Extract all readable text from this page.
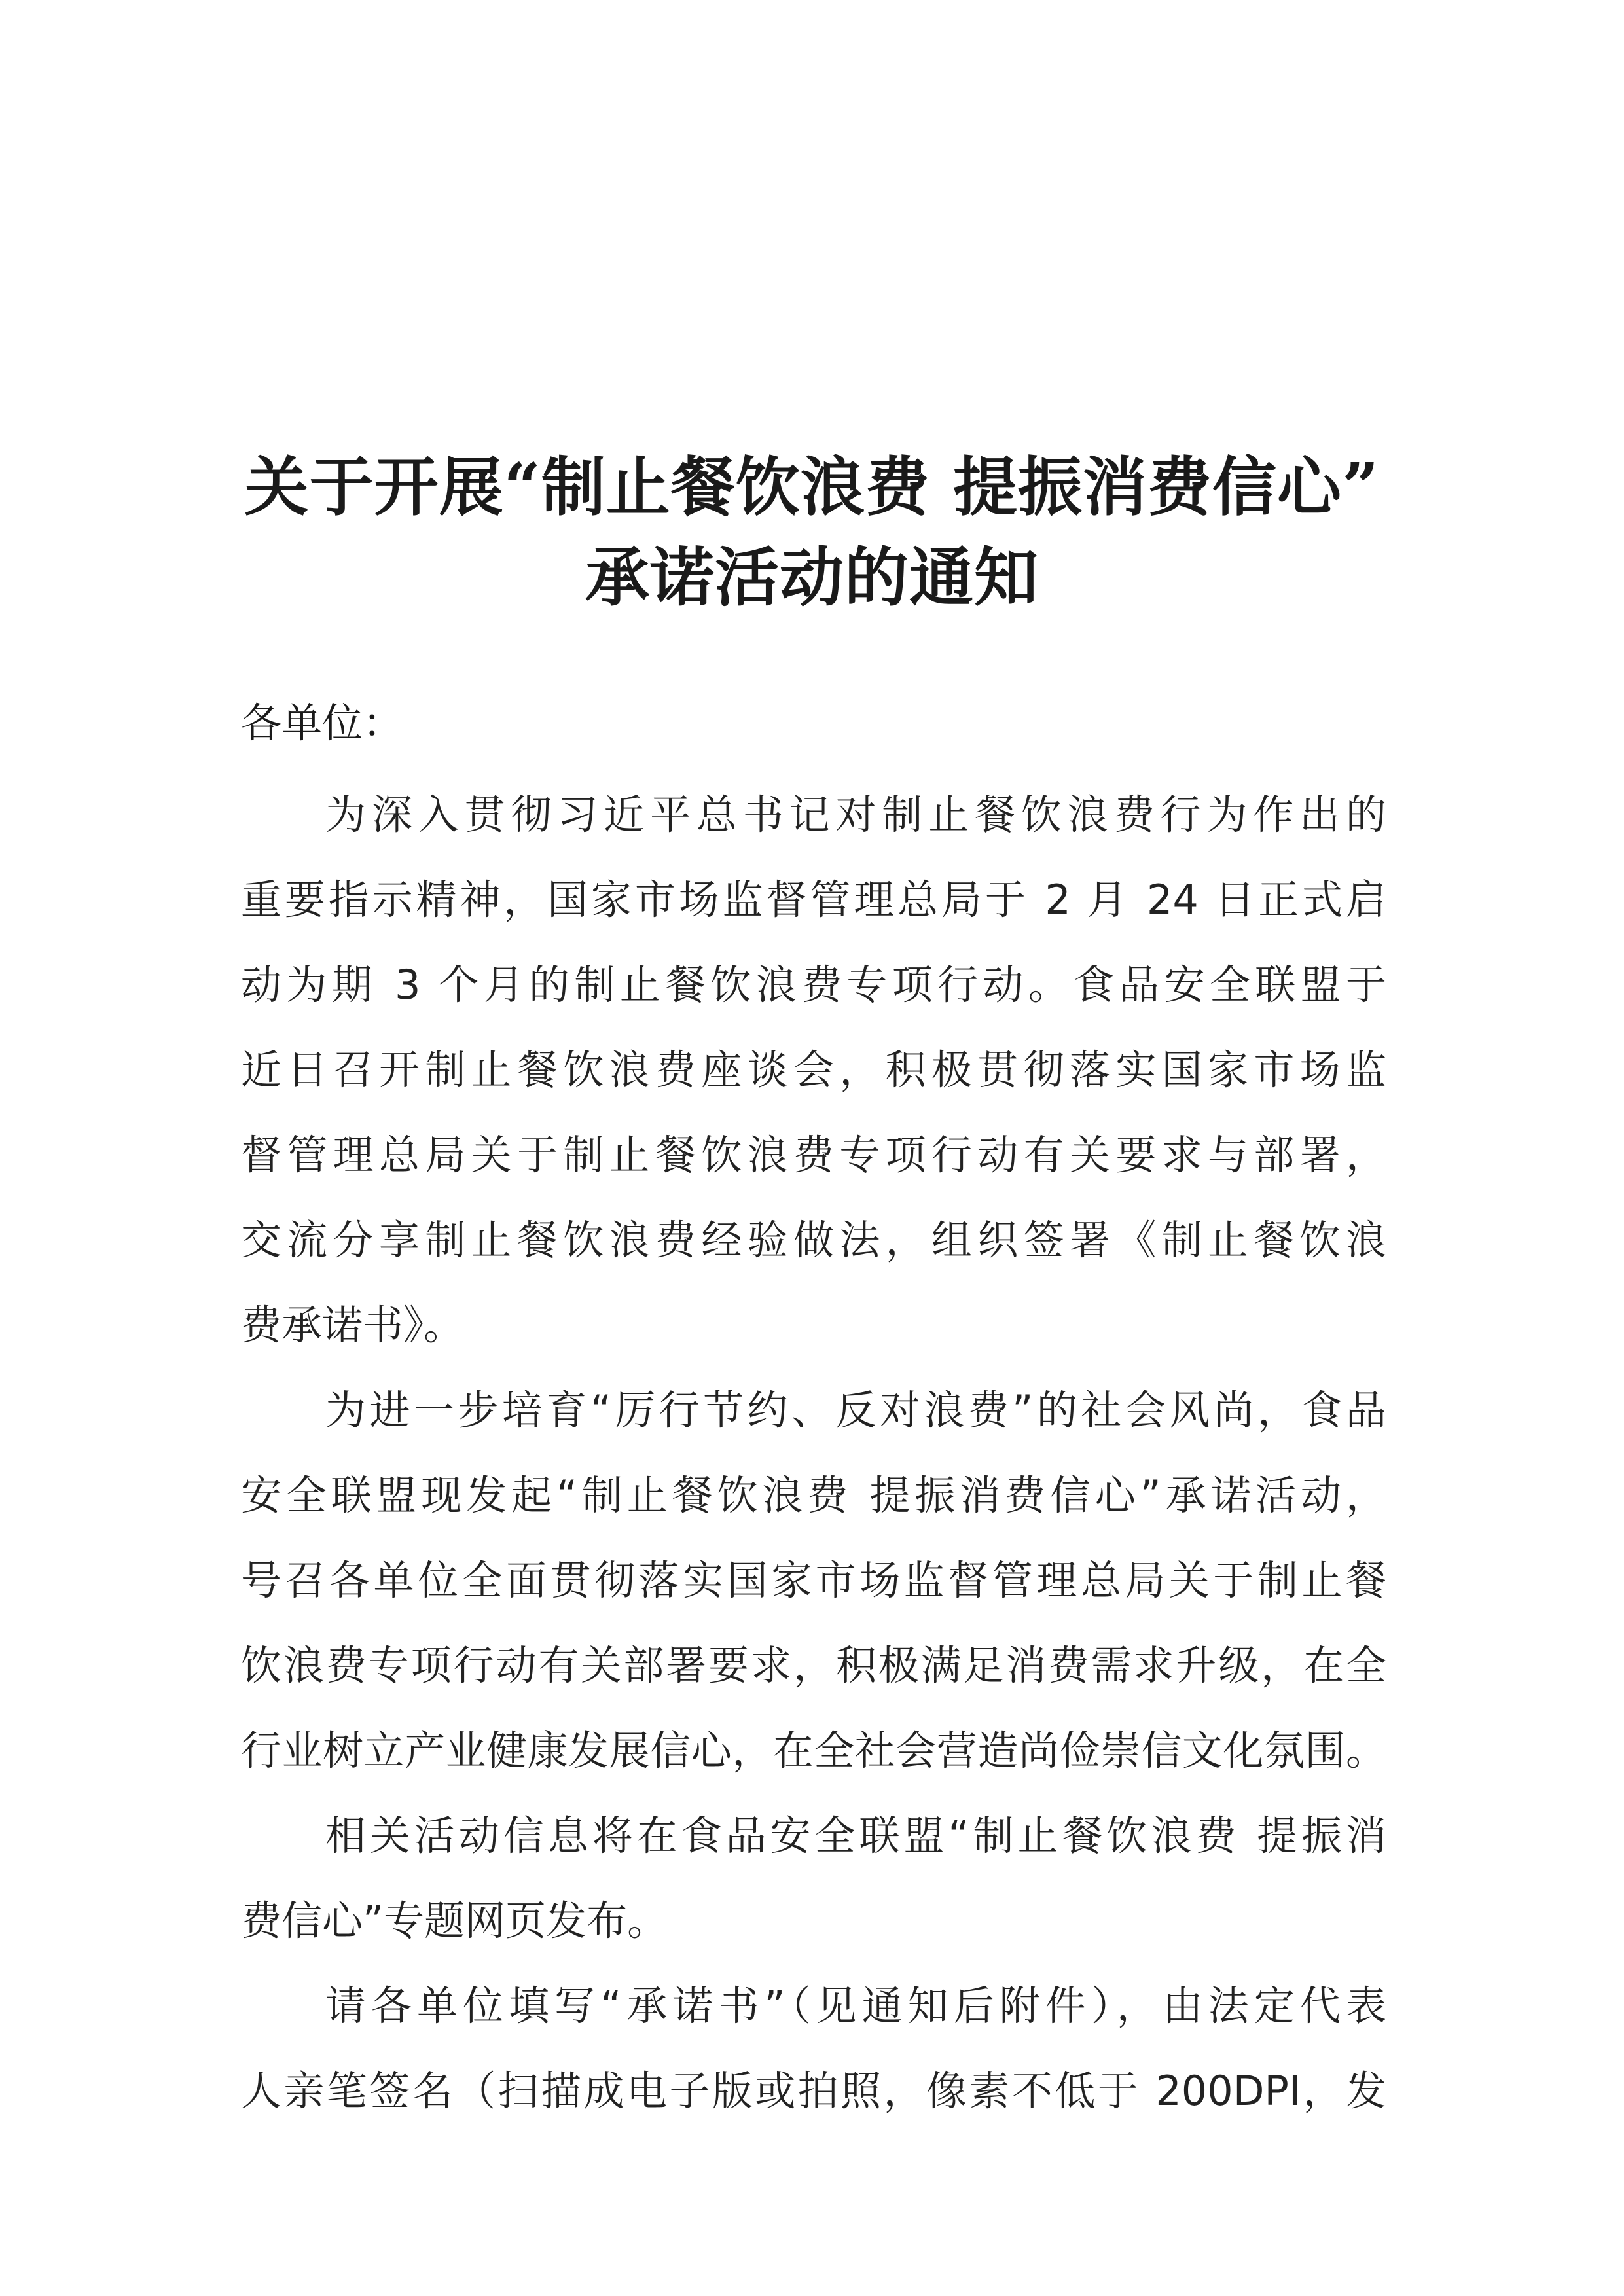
关于开展“制止餐饮浪费 提振消费信心”
承诺活动的通知
各单位：
为深入贯彻习近平总书记对制止餐饮浪费行为作出的
重要指示精神，国家市场监督管理总局于 2 月 24 日正式启
动为期 3 个月的制止餐饮浪费专项行动。食品安全联盟于
近日召开制止餐饮浪费座谈会，积极贯彻落实国家市场监
督管理总局关于制止餐饮浪费专项行动有关要求与部署，
交流分享制止餐饮浪费经验做法，组织签署《制止餐饮浪
费承诺书》。
为进一步培育“厉行节约、反对浪费”的社会风尚，食品
安全联盟现发起“制止餐饮浪费 提振消费信心”承诺活动，
号召各单位全面贯彻落实国家市场监督管理总局关于制止餐
饮浪费专项行动有关部署要求，积极满足消费需求升级，在全
行业树立产业健康发展信心，在全社会营造尚俭崇信文化氛围。
相关活动信息将在食品安全联盟“制止餐饮浪费 提振消
费信心”专题网页发布。
请各单位填写“承诺书”（见通知后附件），由法定代表
人亲笔签名（扫描成电子版或拍照，像素不低于 200DPI，发
